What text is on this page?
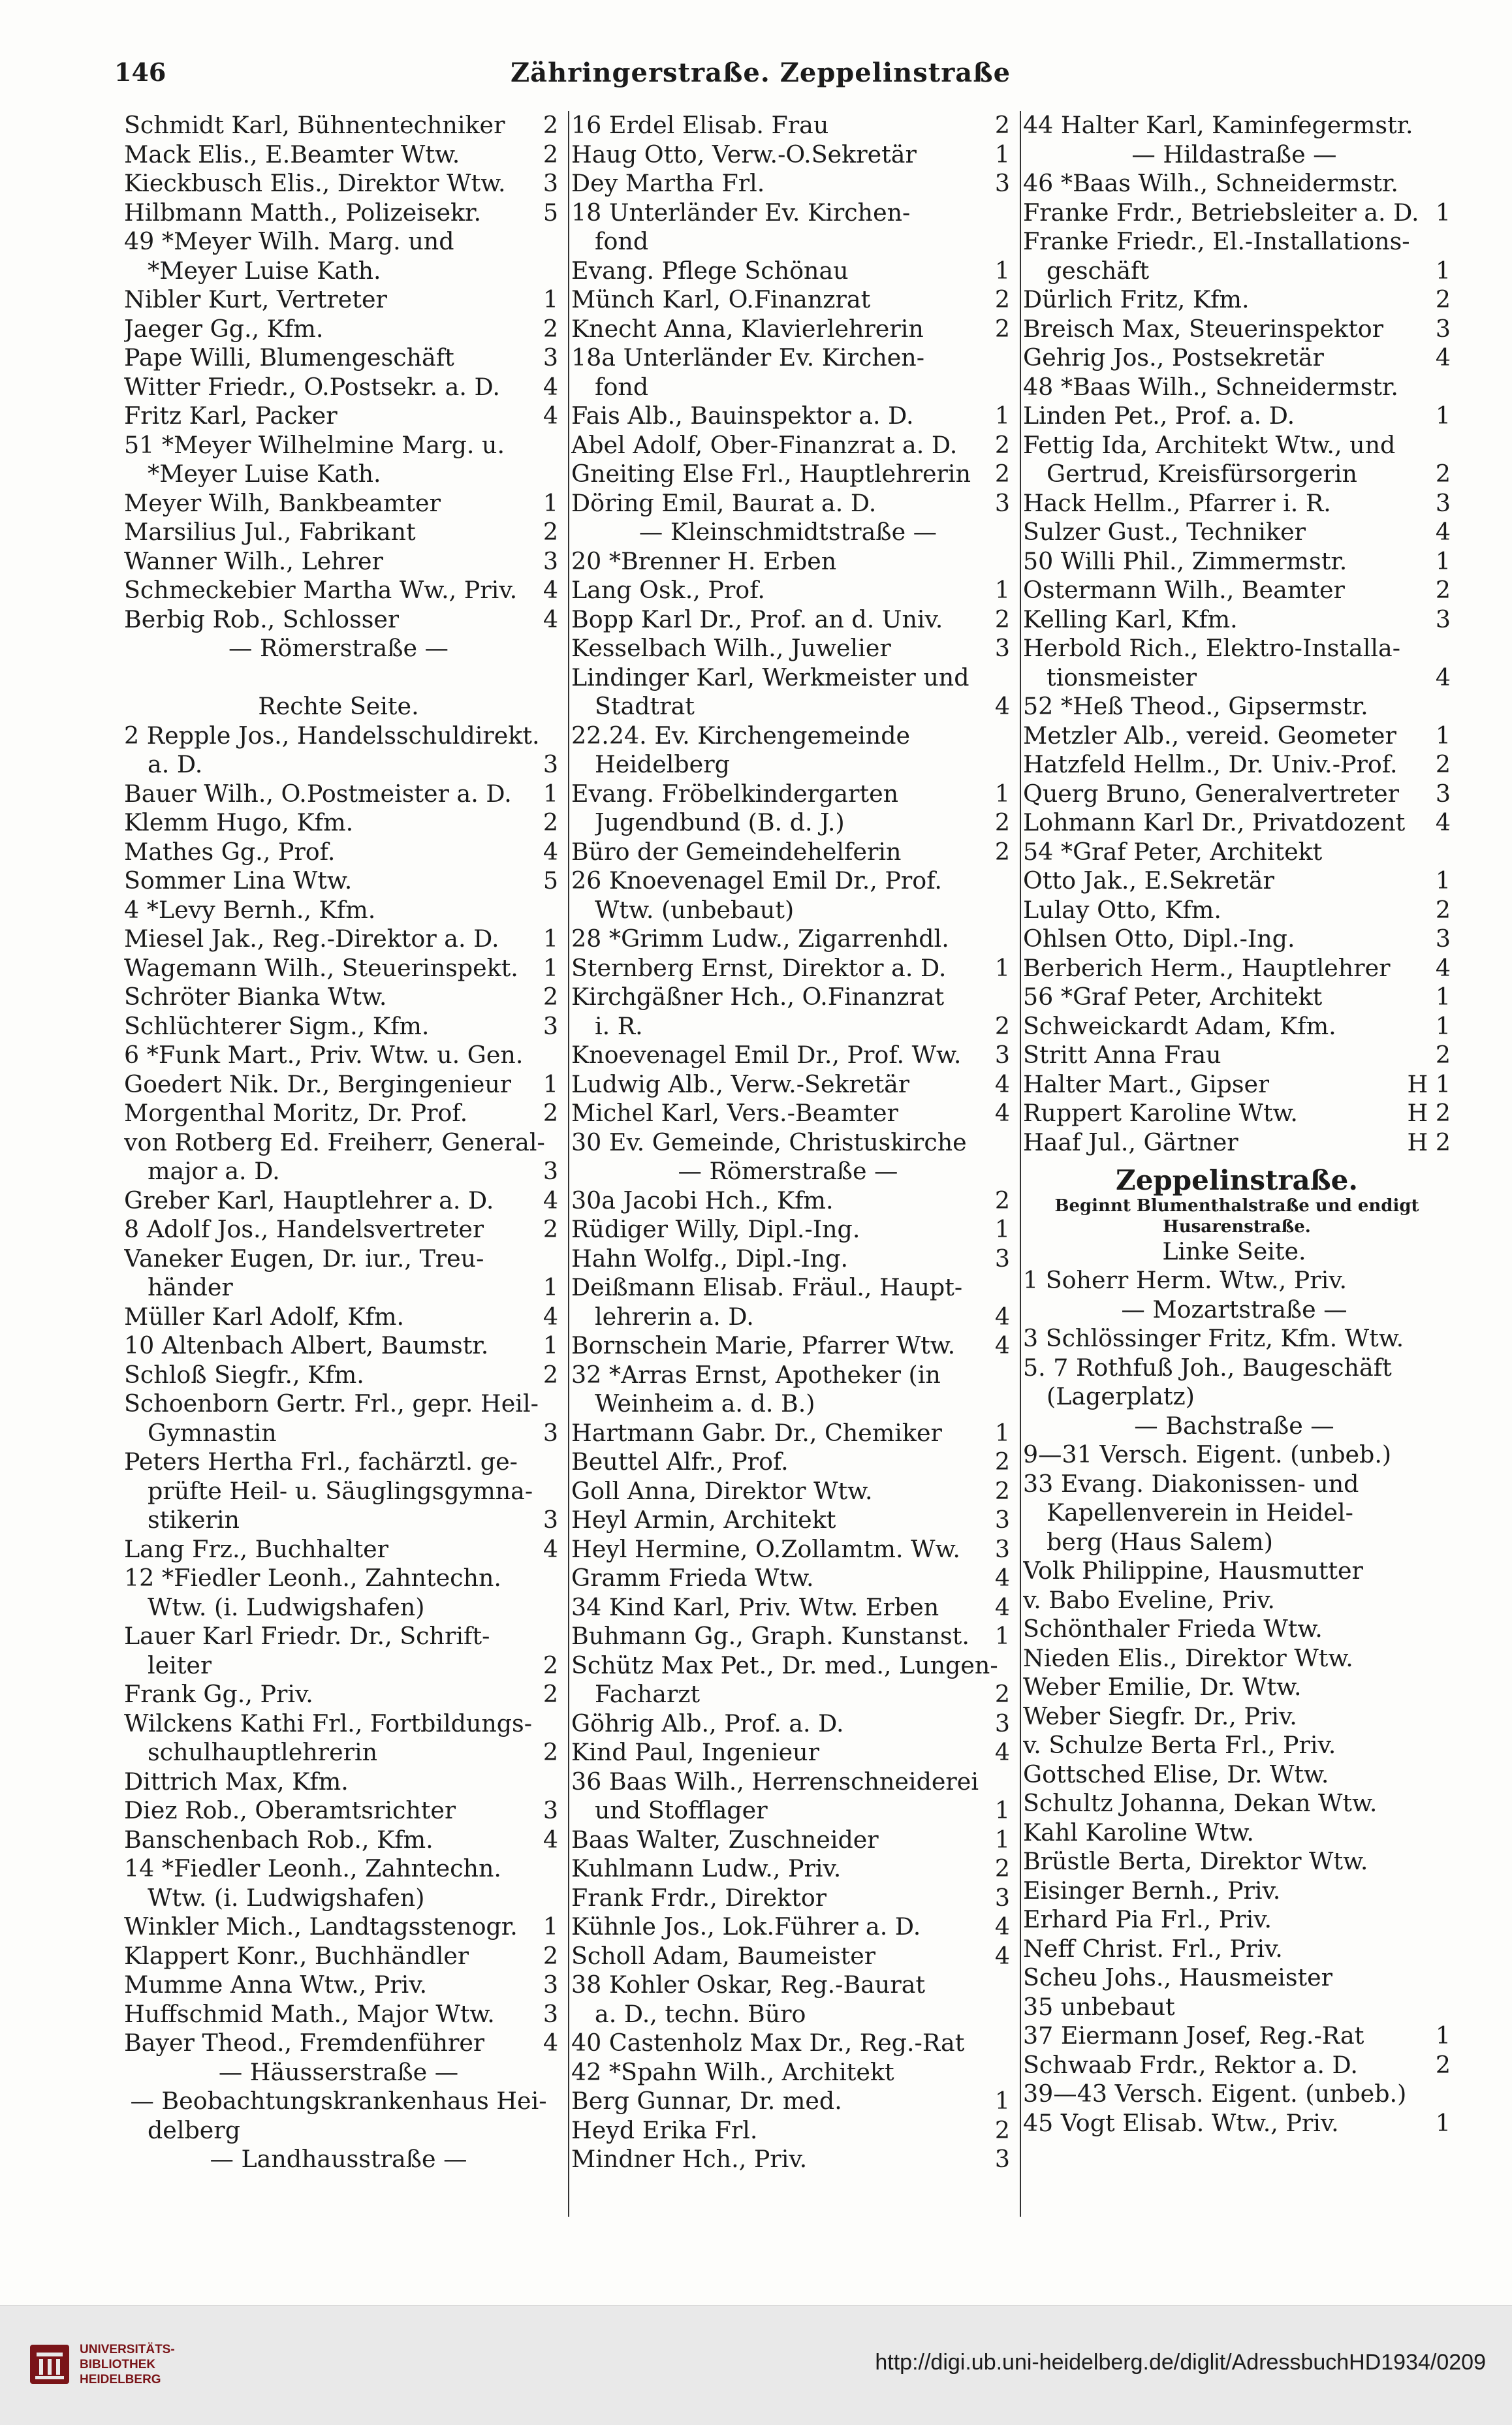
146	Zähringerstraße. Zeppelinstraße
Schmidt Karl, Bühnentechniker 2
Mack Elis., E.Beamter Wtw.	2
Kieckbusch Elis., Direktor Wtw. 3
Hilbmann Matth., Polizeisekr.	5
49 *Meyer Wilh. Marg. und
*Meyer Luise Kath.
Nibler Kurt, Vertreter	1
Jaeger Gg., Kfm.	2
Pape Willi, Blumengeschäft	3
Witter Friedr., O.Postsekr. a. D. 4
Fritz Karl, Packer	4
51 *Meyer Wilhelmine Marg. u.
*Meyer Luise Kath.
Meyer Wilh, Bankbeamter	1
Marsilius Jul., Fabrikant	2
Wanner Wilh., Lehrer	3
Schmeckebier Martha Ww., Priv. 4
Berbig Rob., Schlosser	4
— Römerstraße —

Rechte Seite.
2 Repple Jos., Handelsschuldirekt.
a. D.	3
Bauer Wilh., O.Postmeister a. D. 1
Klemm Hugo, Kfm.	2
Mathes Gg., Prof.	4
Sommer Lina Wtw.	5
4 *Levy Bernh., Kfm.
Miesel Jak., Reg.-Direktor a. D. 1
Wagemann Wilh., Steuerinspekt. 1
Schröter Bianka Wtw.	2
Schlüchterer Sigm., Kfm.	3
6 *Funk Mart., Priv. Wtw. u. Gen.
Goedert Nik. Dr., Bergingenieur 1
Morgenthal Moritz, Dr. Prof.	2
von Rotberg Ed. Freiherr, General-
major a. D.	3
Greber Karl, Hauptlehrer a. D. 4
8 Adolf Jos., Handelsvertreter 2
Vaneker Eugen, Dr. iur., Treu-
händer	1
Müller Karl Adolf, Kfm.	4
10 Altenbach Albert, Baumstr. 1
Schloß Siegfr., Kfm.	2
Schoenborn Gertr. Frl., gepr. Heil-
Gymnastin	3
Peters Hertha Frl., fachärztl. ge-
prüfte Heil- u. Säuglingsgymna-
stikerin	3
Lang Frz., Buchhalter	4
12 *Fiedler Leonh., Zahntechn.
Wtw. (i. Ludwigshafen)
Lauer Karl Friedr. Dr., Schrift-
leiter	2
Frank Gg., Priv.	2
Wilckens Kathi Frl., Fortbildungs-
schulhauptlehrerin	2
Dittrich Max, Kfm.
Diez Rob., Oberamtsrichter	3
Banschenbach Rob., Kfm.	4
14 *Fiedler Leonh., Zahntechn.
Wtw. (i. Ludwigshafen)
Winkler Mich., Landtagsstenogr. 1
Klappert Konr., Buchhändler	2
Mumme Anna Wtw., Priv.	3
Huffschmid Math., Major Wtw. 3
Bayer Theod., Fremdenführer 4
— Häusserstraße —
— Beobachtungskrankenhaus Hei-
delberg
— Landhausstraße —
16 Erdel Elisab. Frau	2
Haug Otto, Verw.-O.Sekretär	1
Dey Martha Frl.	3
18 Unterländer Ev. Kirchen-
fond
Evang. Pflege Schönau	1
Münch Karl, O.Finanzrat	2
Knecht Anna, Klavierlehrerin	2
18a Unterländer Ev. Kirchen-
fond
Fais Alb., Bauinspektor a. D.	1
Abel Adolf, Ober-Finanzrat a. D. 2
Gneiting Else Frl., Hauptlehrerin 2
Döring Emil, Baurat a. D.	3
— Kleinschmidtstraße —
20 *Brenner H. Erben
Lang Osk., Prof.	1
Bopp Karl Dr., Prof. an d. Univ. 2
Kesselbach Wilh., Juwelier	3
Lindinger Karl, Werkmeister und
Stadtrat	4
22.24. Ev. Kirchengemeinde
Heidelberg
Evang. Fröbelkindergarten	1
Jugendbund (B. d. J.)	2
Büro der Gemeindehelferin	2
26 Knoevenagel Emil Dr., Prof.
Wtw. (unbebaut)
28 *Grimm Ludw., Zigarrenhdl.
Sternberg Ernst, Direktor a. D. 1
Kirchgäßner Hch., O.Finanzrat
i. R.	2
Knoevenagel Emil Dr., Prof. Ww. 3
Ludwig Alb., Verw.-Sekretär	4
Michel Karl, Vers.-Beamter	4
30 Ev. Gemeinde, Christuskirche
— Römerstraße —
30a Jacobi Hch., Kfm.	2
Rüdiger Willy, Dipl.-Ing.	1
Hahn Wolfg., Dipl.-Ing.	3
Deißmann Elisab. Fräul., Haupt-
lehrerin a. D.	4
Bornschein Marie, Pfarrer Wtw. 4
32 *Arras Ernst, Apotheker (in
Weinheim a. d. B.)
Hartmann Gabr. Dr., Chemiker 1
Beuttel Alfr., Prof.	2
Goll Anna, Direktor Wtw.	2
Heyl Armin, Architekt	3
Heyl Hermine, O.Zollamtm. Ww. 3
Gramm Frieda Wtw.	4
34 Kind Karl, Priv. Wtw. Erben 4
Buhmann Gg., Graph. Kunstanst. 1
Schütz Max Pet., Dr. med., Lungen-
Facharzt	2
Göhrig Alb., Prof. a. D.	3
Kind Paul, Ingenieur	4
36 Baas Wilh., Herrenschneiderei
und Stofflager	1
Baas Walter, Zuschneider	1
Kuhlmann Ludw., Priv.	2
Frank Frdr., Direktor	3
Kühnle Jos., Lok.Führer a. D.	4
Scholl Adam, Baumeister	4
38 Kohler Oskar, Reg.-Baurat
a. D., techn. Büro
40 Castenholz Max Dr., Reg.-Rat
42 *Spahn Wilh., Architekt
Berg Gunnar, Dr. med.	1
Heyd Erika Frl.	2
Mindner Hch., Priv.	3
44 Halter Karl, Kaminfegermstr.
— Hildastraße —
46 *Baas Wilh., Schneidermstr.
Franke Frdr., Betriebsleiter a. D. 1
Franke Friedr., El.-Installations-
geschäft	1
Dürlich Fritz, Kfm.	2
Breisch Max, Steuerinspektor 3
Gehrig Jos., Postsekretär	4
48 *Baas Wilh., Schneidermstr.
Linden Pet., Prof. a. D.	1
Fettig Ida, Architekt Wtw., und
Gertrud, Kreisfürsorgerin	2
Hack Hellm., Pfarrer i. R.	3
Sulzer Gust., Techniker	4
50 Willi Phil., Zimmermstr.	1
Ostermann Wilh., Beamter	2
Kelling Karl, Kfm.	3
Herbold Rich., Elektro-Installa-
tionsmeister	4
52 *Heß Theod., Gipsermstr.
Metzler Alb., vereid. Geometer 1
Hatzfeld Hellm., Dr. Univ.-Prof. 2
Querg Bruno, Generalvertreter 3
Lohmann Karl Dr., Privatdozent 4
54 *Graf Peter, Architekt
Otto Jak., E.Sekretär	1
Lulay Otto, Kfm.	2
Ohlsen Otto, Dipl.-Ing.	3
Berberich Herm., Hauptlehrer 4
56 *Graf Peter, Architekt	1
Schweickardt Adam, Kfm.	1
Stritt Anna Frau	2
Halter Mart., Gipser	H 1
Ruppert Karoline Wtw.	H 2
Haaf Jul., Gärtner	H 2
Zeppelinstraße.
Beginnt Blumenthalstraße und endigt
Husarenstraße.
Linke Seite.
1 Soherr Herm. Wtw., Priv.
— Mozartstraße —
3 Schlössinger Fritz, Kfm. Wtw.
5. 7 Rothfuß Joh., Baugeschäft
(Lagerplatz)
— Bachstraße —
9—31 Versch. Eigent. (unbeb.)
33 Evang. Diakonissen- und
Kapellenverein in Heidel-
berg (Haus Salem)
Volk Philippine, Hausmutter
v. Babo Eveline, Priv.
Schönthaler Frieda Wtw.
Nieden Elis., Direktor Wtw.
Weber Emilie, Dr. Wtw.
Weber Siegfr. Dr., Priv.
v. Schulze Berta Frl., Priv.
Gottsched Elise, Dr. Wtw.
Schultz Johanna, Dekan Wtw.
Kahl Karoline Wtw.
Brüstle Berta, Direktor Wtw.
Eisinger Bernh., Priv.
Erhard Pia Frl., Priv.
Neff Christ. Frl., Priv.
Scheu Johs., Hausmeister
35 unbebaut
37 Eiermann Josef, Reg.-Rat	1
Schwaab Frdr., Rektor a. D.	2
39—43 Versch. Eigent. (unbeb.)
45 Vogt Elisab. Wtw., Priv.	1
UNIVERSITÄTS-
BIBLIOTHEK
HEIDELBERG
http://digi.ub.uni-heidelberg.de/diglit/AdressbuchHD1934/0209
